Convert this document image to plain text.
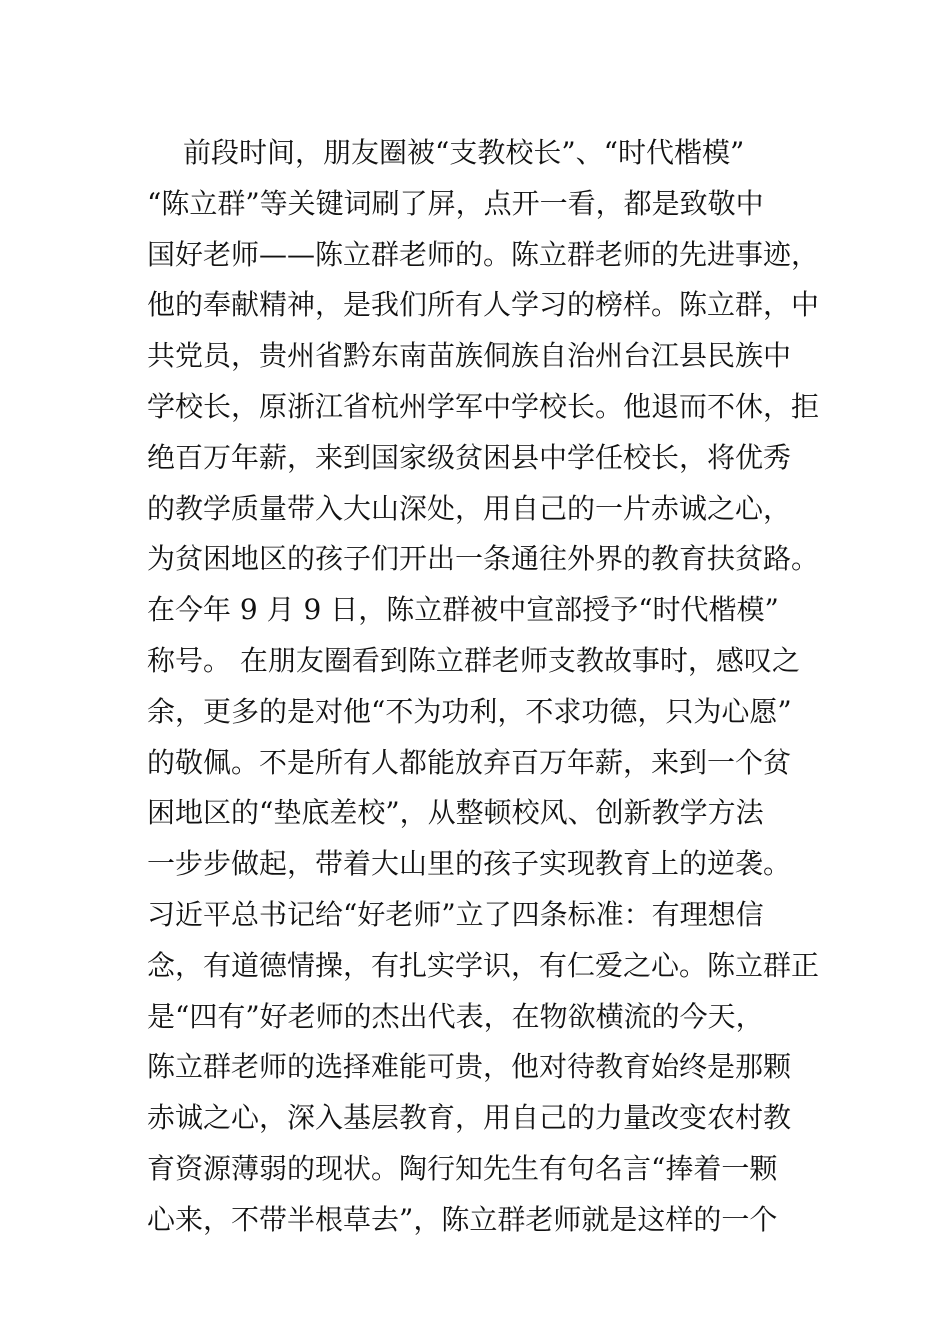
前段时间，朋友圈被“支教校长”、“时代楷模”
“陈立群”等关键词刷了屏，点开一看，都是致敬中
国好老师——陈立群老师的。陈立群老师的先进事迹，
他的奉献精神，是我们所有人学习的榜样。陈立群，中
共党员，贵州省黔东南苗族侗族自治州台江县民族中
学校长，原浙江省杭州学军中学校长。他退而不休，拒
绝百万年薪，来到国家级贫困县中学任校长，将优秀
的教学质量带入大山深处，用自己的一片赤诚之心，
为贫困地区的孩子们开出一条通往外界的教育扶贫路。
在今年 9 月 9 日，陈立群被中宣部授予“时代楷模”
称号。 在朋友圈看到陈立群老师支教故事时，感叹之
余，更多的是对他“不为功利，不求功德，只为心愿”
的敬佩。不是所有人都能放弃百万年薪，来到一个贫
困地区的“垫底差校”，从整顿校风、创新教学方法
一步步做起，带着大山里的孩子实现教育上的逆袭。
习近平总书记给“好老师”立了四条标准：有理想信
念，有道德情操，有扎实学识，有仁爱之心。陈立群正
是“四有”好老师的杰出代表，在物欲横流的今天，
陈立群老师的选择难能可贵，他对待教育始终是那颗
赤诚之心，深入基层教育，用自己的力量改变农村教
育资源薄弱的现状。陶行知先生有句名言“捧着一颗
心来，不带半根草去”，陈立群老师就是这样的一个
